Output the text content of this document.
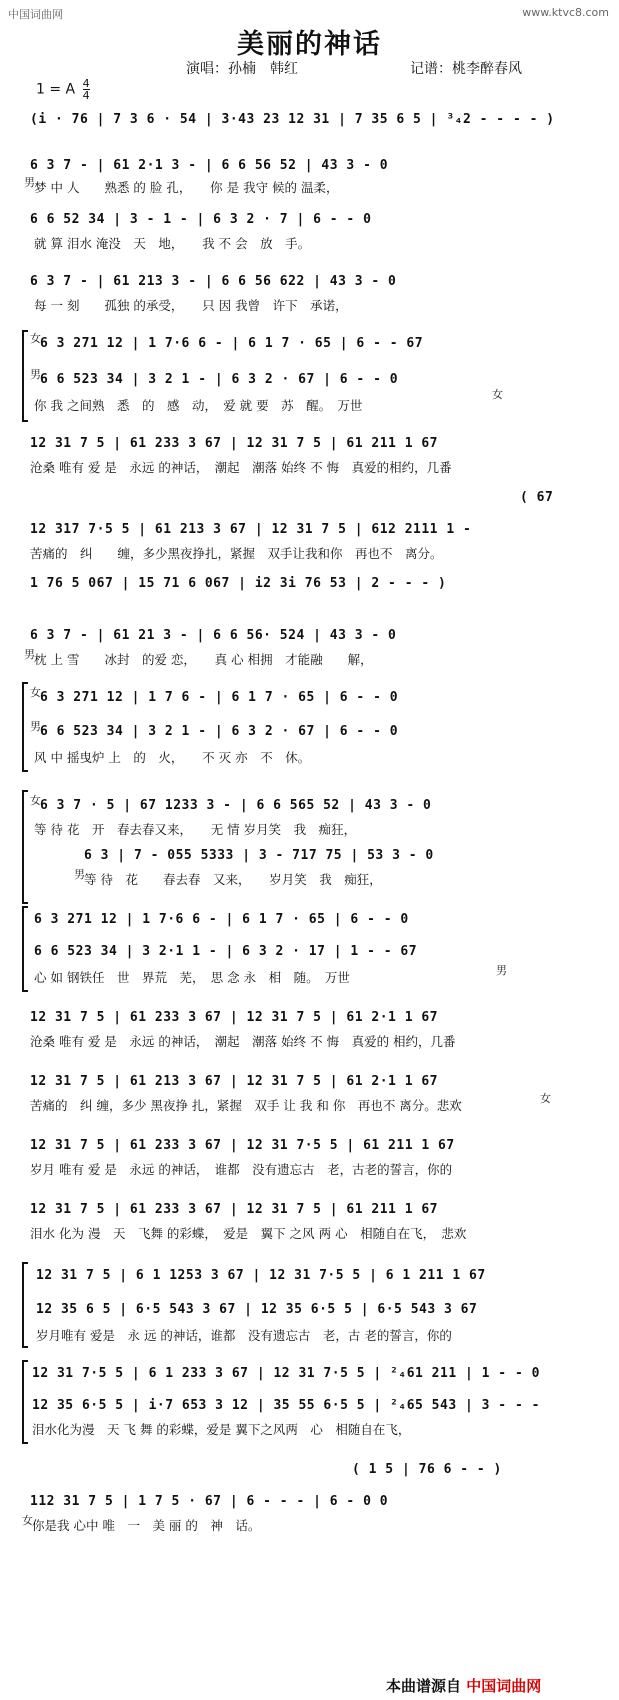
中国词曲网	www.ktvc8.com
美丽的神话
演唱：孙楠　韩红	记谱：桃李醉春风
1 = A $\frac{4}{4}$
(i · 76 | 7 3 6 · 54 | 3·43 23 12 31 | 7 35 6 5 | ³₄2 - - - - )
6 3 7 - | 61 2·1 3 - | 6 6 56 52 | 43 3 - 0
男 梦 中 人　　熟悉 的 脸 孔，　　你 是 我守 候的 温柔，
6 6 52 34 | 3 - 1 - | 6 3 2 · 7 | 6 - - 0
就 算 泪水 淹没　天　地，　　我 不 会　放　手。
6 3 7 - | 61 213 3 - | 6 6 56 622 | 43 3 - 0
每 一 刻　　孤独 的承受，　　只 因 我曾　许下　承诺，
女 6 3 271 12 | 1 7·6 6 - | 6 1 7 · 65 | 6 - - 67
男 6 6 523 34 | 3 2 1 - | 6 3 2 · 67 | 6 - - 0
女
你 我 之间熟　悉　的　感　动，　爱 就 要　苏　醒。　万世
12 31 7 5 | 61 233 3 67 | 12 31 7 5 | 61 211 1 67
沧桑 唯有 爱 是　永远 的神话，　潮起　潮落 始终 不 悔　真爱的相约，几番
( 67
12 317 7·5 5 | 61 213 3 67 | 12 31 7 5 | 612 2111 1 -
苦痛的　纠　　缠，多少黑夜挣扎，紧握　双手让我和你　再也不　离分。
1 76 5 067 | 15 71 6 067 | i2 3i 76 53 | 2 - - - )
6 3 7 - | 61 21 3 - | 6 6 56· 524 | 43 3 - 0
男 枕 上 雪　　冰封　的爱 恋，　　真 心 相拥　才能融　　解，
女 6 3 271 12 | 1 7 6 - | 6 1 7 · 65 | 6 - - 0
男 6 6 523 34 | 3 2 1 - | 6 3 2 · 67 | 6 - - 0
风 中 摇曳炉 上　的　火，　　不 灭 亦　不　休。
女 6 3 7 · 5 | 67 1233 3 - | 6 6 565 52 | 43 3 - 0
等 待 花　开　春去春又来，　　无 情 岁月笑　我　痴狂，
6 3 | 7 - 055 5333 | 3 - 717 75 | 53 3 - 0
男 等 待　花　　春去春　又来，　　岁月笑　我　痴狂，
6 3 271 12 | 1 7·6 6 - | 6 1 7 · 65 | 6 - - 0
6 6 523 34 | 3 2·1 1 - | 6 3 2 · 17 | 1 - - 67
男
心 如 钢铁任　世　界荒　芜，　思 念 永　相　随。　万世
12 31 7 5 | 61 233 3 67 | 12 31 7 5 | 61 2·1 1 67
沧桑 唯有 爱 是　永远 的神话，　潮起　潮落 始终 不 悔　真爱的 相约，几番
12 31 7 5 | 61 213 3 67 | 12 31 7 5 | 61 2·1 1 67
女
苦痛的　纠 缠，多少 黑夜挣 扎，紧握　双手 让 我 和 你　再也不 离分。悲欢
12 31 7 5 | 61 233 3 67 | 12 31 7·5 5 | 61 211 1 67
岁月 唯有 爱 是　永远 的神话，　谁都　没有遗忘古　老，古老的誓言，你的
12 31 7 5 | 61 233 3 67 | 12 31 7 5 | 61 211 1 67
泪水 化为 漫　天　飞舞 的彩蝶，　爱是　翼下 之风 两 心　相随自在飞，　悲欢
12 31 7 5 | 6 1 1253 3 67 | 12 31 7·5 5 | 6 1 211 1 67
12 35 6 5 | 6·5 543 3 67 | 12 35 6·5 5 | 6·5 543 3 67
岁月唯有 爱是　永 远 的神话，谁都　没有遗忘古　老，古 老的誓言，你的
12 31 7·5 5 | 6 1 233 3 67 | 12 31 7·5 5 | ²₄61 211 | 1 - - 0
12 35 6·5 5 | i·7 653 3 12 | 35 55 6·5 5 | ²₄65 543 | 3 - - -
泪水化为漫　天 飞 舞 的彩蝶，爱是 翼下之风两　心　相随自在飞，
( 1 5 | 76 6 - - )
112 31 7 5 | 1 7 5 · 67 | 6 - - - | 6 - 0 0
女 你是我 心中 唯　一　美 丽 的　神　话。
本曲谱源自 中国词曲网
